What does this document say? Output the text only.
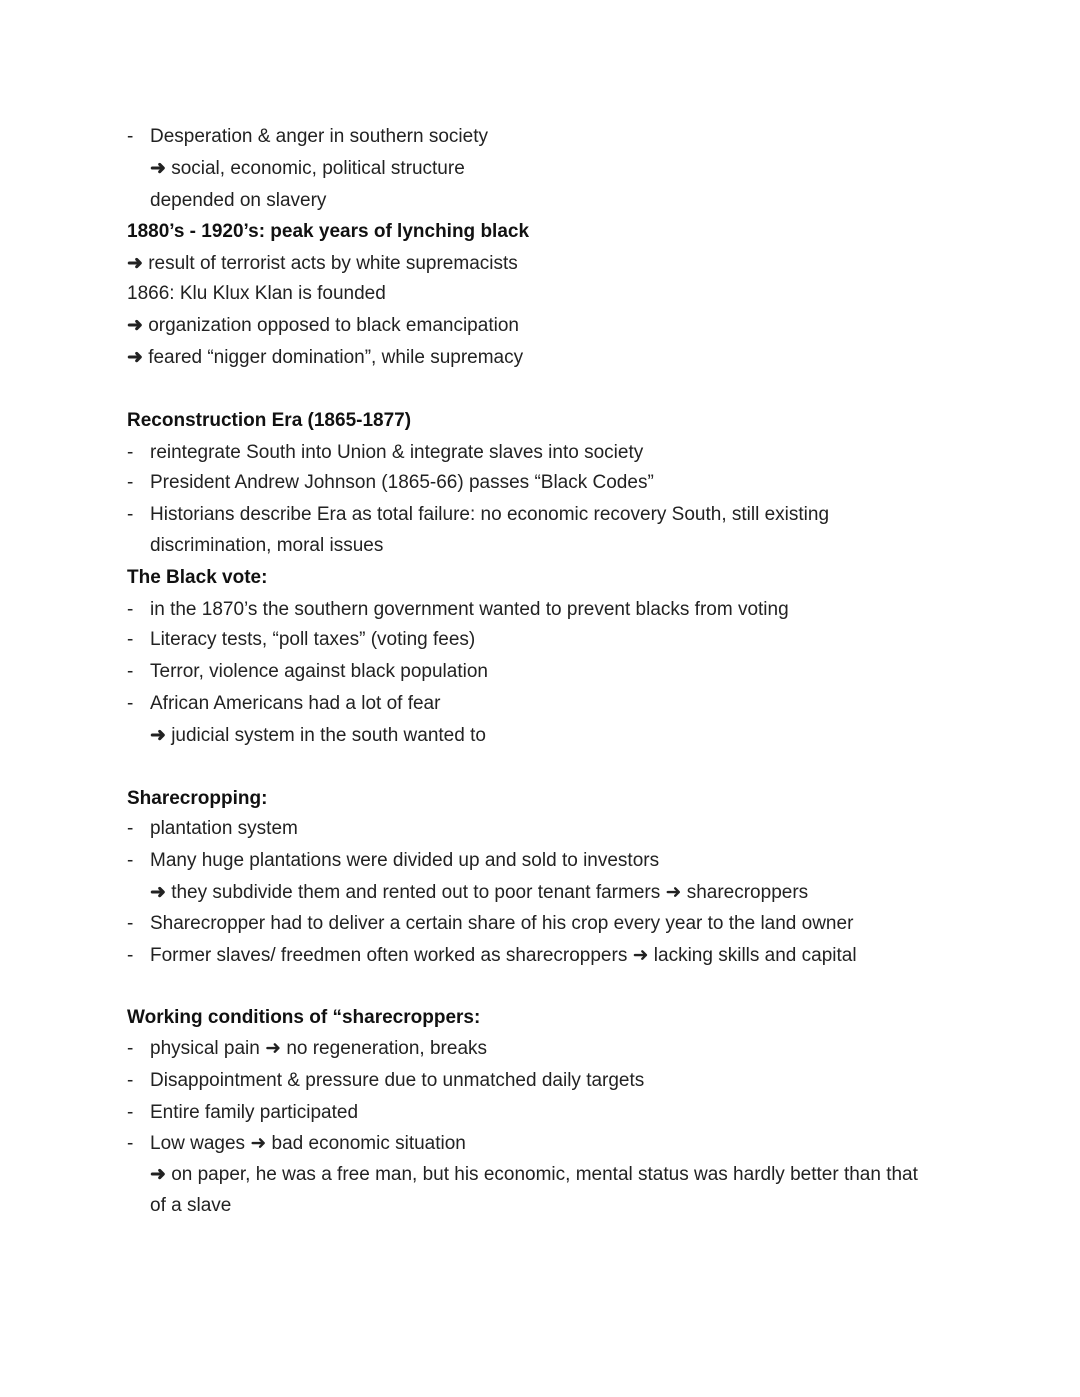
- Desperation & anger in southern society
➜ social, economic, political structure
depended on slavery
1880’s - 1920’s: peak years of lynching black
➜ result of terrorist acts by white supremacists
1866: Klu Klux Klan is founded
➜ organization opposed to black emancipation
➜ feared “nigger domination”, while supremacy
Reconstruction Era (1865-1877)
- reintegrate South into Union & integrate slaves into society
- President Andrew Johnson (1865-66) passes “Black Codes”
- Historians describe Era as total failure: no economic recovery South, still existing
discrimination, moral issues
The Black vote:
- in the 1870’s the southern government wanted to prevent blacks from voting
- Literacy tests, “poll taxes” (voting fees)
- Terror, violence against black population
- African Americans had a lot of fear
➜ judicial system in the south wanted to
Sharecropping:
- plantation system
- Many huge plantations were divided up and sold to investors
➜ they subdivide them and rented out to poor tenant farmers ➜ sharecroppers
- Sharecropper had to deliver a certain share of his crop every year to the land owner
- Former slaves/ freedmen often worked as sharecroppers ➜ lacking skills and capital
Working conditions of “sharecroppers:
- physical pain ➜ no regeneration, breaks
- Disappointment & pressure due to unmatched daily targets
- Entire family participated
- Low wages ➜ bad economic situation
➜ on paper, he was a free man, but his economic, mental status was hardly better than that
of a slave
